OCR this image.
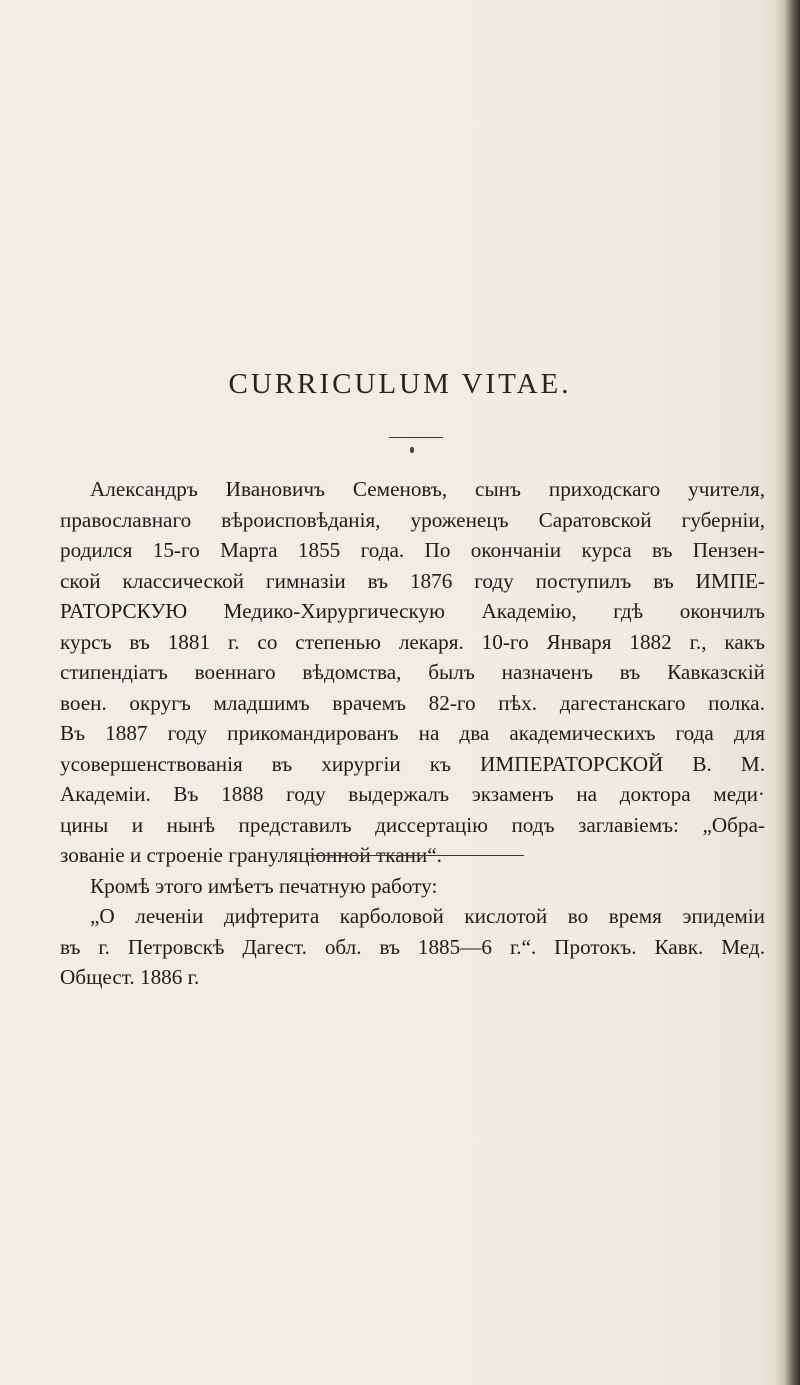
CURRICULUM VITAE.
Александръ Ивановичъ Семеновъ, сынъ приходскаго учителя,
православнаго вѣроисповѣданія, уроженецъ Саратовской губерніи,
родился 15-го Марта 1855 года. По окончаніи курса въ Пензен-
ской классической гимназіи въ 1876 году поступилъ въ ИМПЕ-
РАТОРСКУЮ Медико-Хирургическую Академію, гдѣ окончилъ
курсъ въ 1881 г. со степенью лекаря. 10-го Января 1882 г., какъ
стипендіатъ военнаго вѣдомства, былъ назначенъ въ Кавказскій
воен. округъ младшимъ врачемъ 82-го пѣх. дагестанскаго полка.
Въ 1887 году прикомандированъ на два академическихъ года для
усовершенствованія въ хирургіи къ ИМПЕРАТОРСКОЙ В. М.
Академіи. Въ 1888 году выдержалъ экзаменъ на доктора меди·
цины и нынѣ представилъ диссертацію подъ заглавіемъ: „Обра-
зованіе и строеніе грануляціонной ткани“.
Кромѣ этого имѣетъ печатную работу:
„О леченіи дифтерита карболовой кислотой во время эпидеміи
въ г. Петровскѣ Дагест. обл. въ 1885—6 г.“. Протокъ. Кавк. Мед.
Общест. 1886 г.
